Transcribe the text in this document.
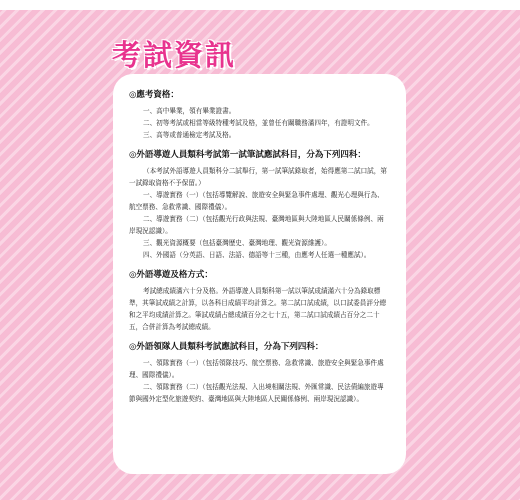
考試資訊
◎應考資格：

一、高中畢業，領有畢業證書。

二、初等考試或相當等級特種考試及格，並曾任有關職務滿四年，有證明文件。

三、高等或普通檢定考試及格。

◎外語導遊人員類科考試第一試筆試應試科目，分為下列四科：

（本考試外語導遊人員類科分二試舉行，第一試筆試錄取者，始得應第二試口試，第一試錄取資格不予保留。）

一、導遊實務（一）（包括導覽解說、旅遊安全與緊急事件處理、觀光心理與行為、航空票務、急救常識、國際禮儀）。

二、導遊實務（二）（包括觀光行政與法規、臺灣地區與大陸地區人民關係條例、兩岸現況認識）。

三、觀光資源概要（包括臺灣歷史、臺灣地理、觀光資源維護）。

四、外國語（分英語、日語、法語、德語等十三種，由應考人任選一種應試）。

◎外語導遊及格方式：

考試總成績滿六十分及格。外語導遊人員類科第一試以筆試成績滿六十分為錄取標準，其筆試成績之計算，以各科目成績平均計算之。第二試口試成績，以口試委員評分總和之平均成績計算之。筆試成績占總成績百分之七十五，第二試口試成績占百分之二十五，合併計算為考試總成績。

◎外語領隊人員類科考試應試科目，分為下列四科：

一、領隊實務（一）（包括領隊技巧、航空票務、急救常識、旅遊安全與緊急事件處理、國際禮儀）。

二、領隊實務（二）（包括觀光法規、入出境相關法規、外匯常識、民法債編旅遊專節與國外定型化旅遊契約、臺灣地區與大陸地區人民關係條例、兩岸現況認識）。
